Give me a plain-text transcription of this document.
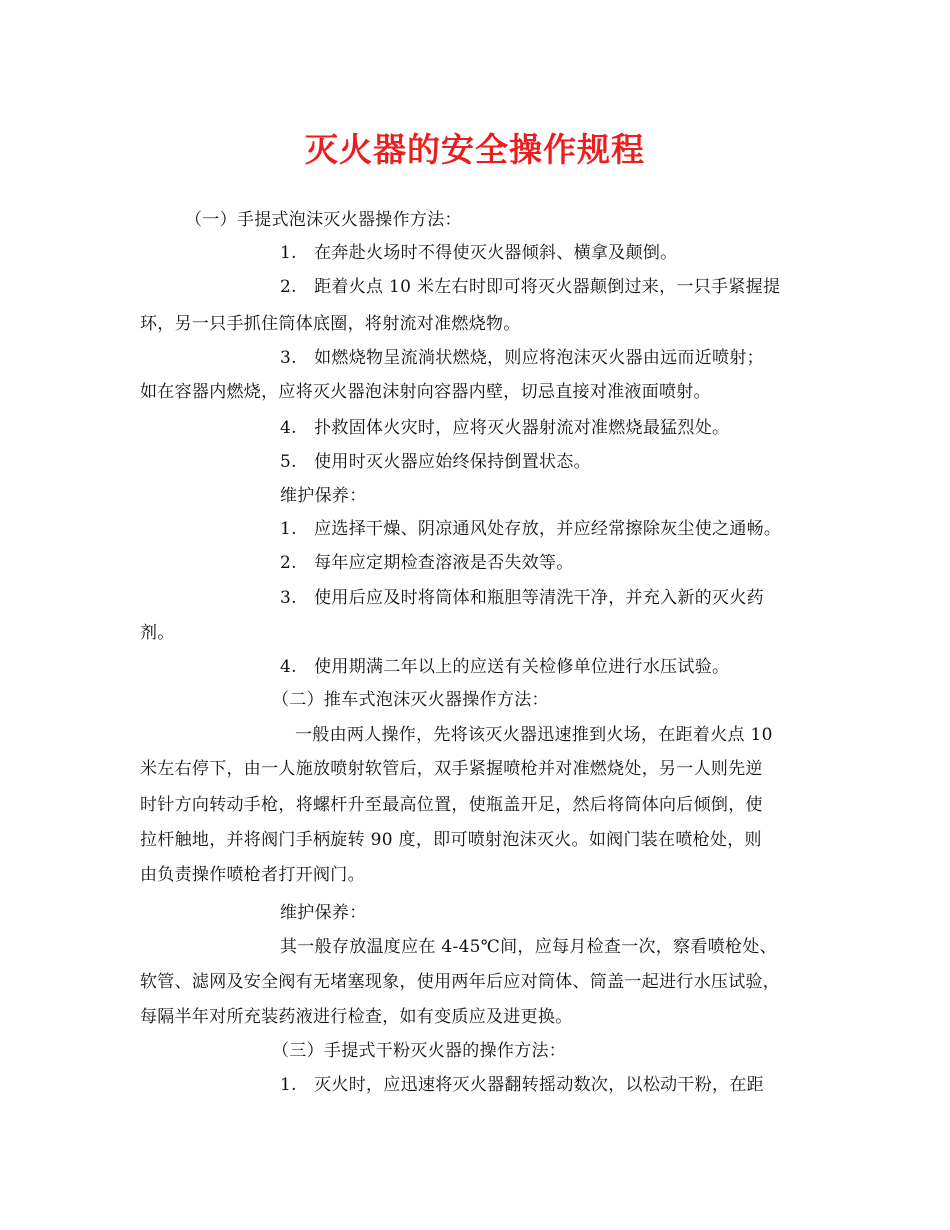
灭火器的安全操作规程
（一）手提式泡沫灭火器操作方法：
1.　在奔赴火场时不得使灭火器倾斜、横拿及颠倒。
2.　距着火点 10 米左右时即可将灭火器颠倒过来，一只手紧握提
环，另一只手抓住筒体底圈，将射流对准燃烧物。
3.　如燃烧物呈流淌状燃烧，则应将泡沫灭火器由远而近喷射；
如在容器内燃烧，应将灭火器泡沫射向容器内壁，切忌直接对准液面喷射。
4.　扑救固体火灾时，应将灭火器射流对准燃烧最猛烈处。
5.　使用时灭火器应始终保持倒置状态。
维护保养：
1.　应选择干燥、阴凉通风处存放，并应经常擦除灰尘使之通畅。
2.　每年应定期检查溶液是否失效等。
3.　使用后应及时将筒体和瓶胆等清洗干净，并充入新的灭火药
剂。
4.　使用期满二年以上的应送有关检修单位进行水压试验。
（二）推车式泡沫灭火器操作方法：
一般由两人操作，先将该灭火器迅速推到火场，在距着火点 10
米左右停下，由一人施放喷射软管后，双手紧握喷枪并对准燃烧处，另一人则先逆
时针方向转动手枪，将螺杆升至最高位置，使瓶盖开足，然后将筒体向后倾倒，使
拉杆触地，并将阀门手柄旋转 90 度，即可喷射泡沫灭火。如阀门装在喷枪处，则
由负责操作喷枪者打开阀门。
维护保养：
其一般存放温度应在 4-45℃间，应每月检查一次，察看喷枪处、
软管、滤网及安全阀有无堵塞现象，使用两年后应对筒体、筒盖一起进行水压试验，
每隔半年对所充装药液进行检查，如有变质应及进更换。
（三）手提式干粉灭火器的操作方法：
1.　灭火时，应迅速将灭火器翻转摇动数次，以松动干粉，在距
